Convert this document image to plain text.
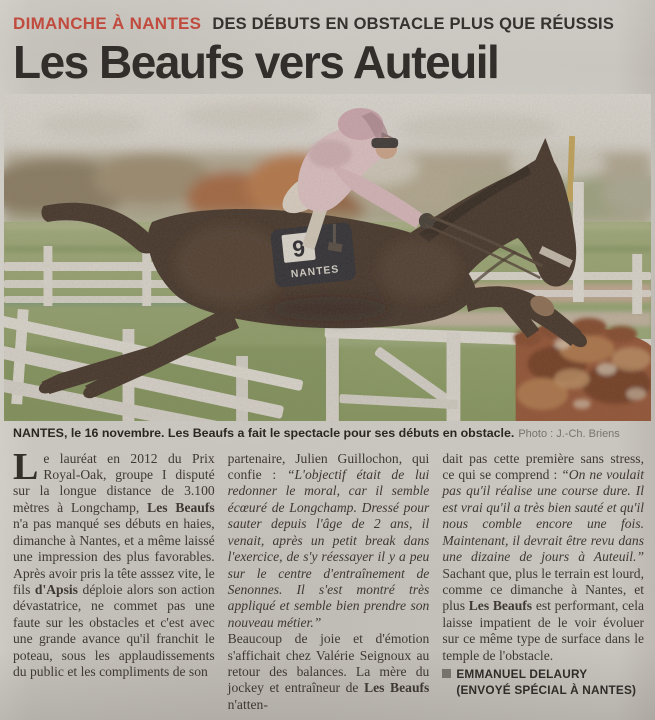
DIMANCHE À NANTES DES DÉBUTS EN OBSTACLE PLUS QUE RÉUSSIS
Les Beaufs vers Auteuil
NANTES, le 16 novembre. Les Beaufs a fait le spectacle pour ses débuts en obstacle. Photo : J.-Ch. Briens
Le lauréat en 2012 du Prix Royal-Oak, groupe I disputé sur la longue distance de 3.100 mètres à Longchamp, Les Beaufs n'a pas manqué ses débuts en haies, dimanche à Nantes, et a même laissé une impression des plus favorables. Après avoir pris la tête asssez vite, le fils d'Apsis déploie alors son action dévastatrice, ne commet pas une faute sur les obstacles et c'est avec une grande avance qu'il franchit le poteau, sous les applaudissements du public et les compliments de son
partenaire, Julien Guillochon, qui confie : “L'objectif était de lui redonner le moral, car il semble écœuré de Longchamp. Dressé pour sauter depuis l'âge de 2 ans, il venait, après un petit break dans l'exercice, de s'y réessayer il y a peu sur le centre d'entraînement de Senonnes. Il s'est montré très appliqué et semble bien prendre son nouveau métier.”
Beaucoup de joie et d'émotion s'affichait chez Valérie Seignoux au retour des balances. La mère du jockey et entraîneur de Les Beaufs n'atten-
dait pas cette première sans stress, ce qui se comprend : “On ne voulait pas qu'il réalise une course dure. Il est vrai qu'il a très bien sauté et qu'il nous comble encore une fois. Maintenant, il devrait être revu dans une dizaine de jours à Auteuil.” Sachant que, plus le terrain est lourd, comme ce dimanche à Nantes, et plus Les Beaufs est performant, cela laisse impatient de le voir évoluer sur ce même type de surface dans le temple de l'obstacle.
EMMANUEL DELAURY
(ENVOYÉ SPÉCIAL À NANTES)
